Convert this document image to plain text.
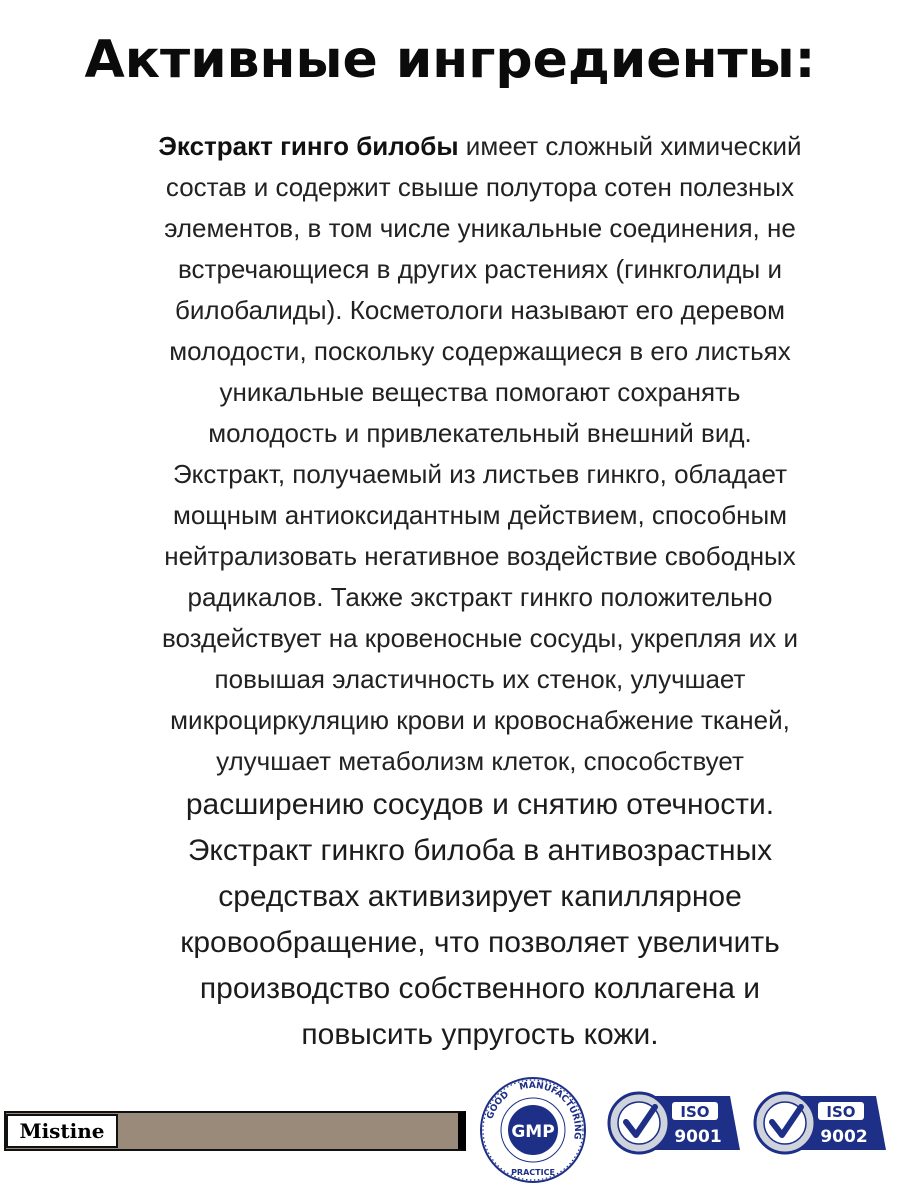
Активные ингредиенты:
Экстракт гинго билобы имеет сложный химический
состав и содержит свыше полутора сотен полезных
элементов, в том числе уникальные соединения, не
встречающиеся в других растениях (гинкголиды и
билобалиды). Косметологи называют его деревом
молодости, поскольку содержащиеся в его листьях
уникальные вещества помогают сохранять
молодость и привлекательный внешний вид.
Экстракт, получаемый из листьев гинкго, обладает
мощным антиоксидантным действием, способным
нейтрализовать негативное воздействие свободных
радикалов. Также экстракт гинкго положительно
воздействует на кровеносные сосуды, укрепляя их и
повышая эластичность их стенок, улучшает
микроциркуляцию крови и кровоснабжение тканей,
улучшает метаболизм клеток, способствует
расширению сосудов и снятию отечности.
Экстракт гинкго билоба в антивозрастных
средствах активизирует капиллярное
кровообращение, что позволяет увеличить
производство собственного коллагена и
повысить упругость кожи.
Mistine	GMP
GOOD
MANUFACTURING
PRACTICE
ISO
9001
ISO
9002
